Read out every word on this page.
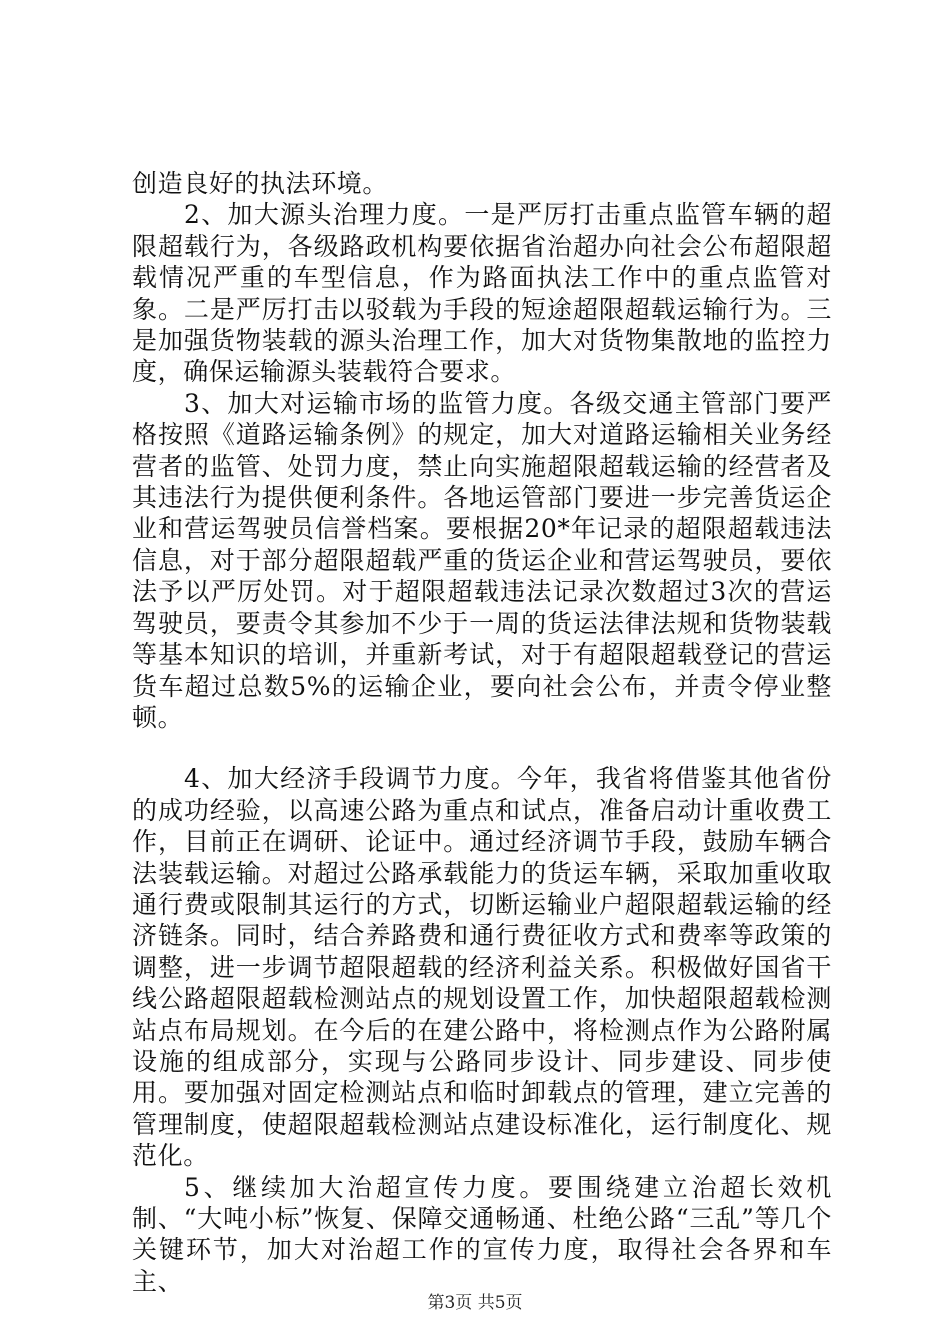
创造良好的执法环境。

2、加大源头治理力度。一是严厉打击重点监管车辆的超限超载行为，各级路政机构要依据省治超办向社会公布超限超载情况严重的车型信息，作为路面执法工作中的重点监管对象。二是严厉打击以驳载为手段的短途超限超载运输行为。三是加强货物装载的源头治理工作，加大对货物集散地的监控力度，确保运输源头装载符合要求。

3、加大对运输市场的监管力度。各级交通主管部门要严格按照《道路运输条例》的规定，加大对道路运输相关业务经营者的监管、处罚力度，禁止向实施超限超载运输的经营者及其违法行为提供便利条件。各地运管部门要进一步完善货运企业和营运驾驶员信誉档案。要根据20*年记录的超限超载违法信息，对于部分超限超载严重的货运企业和营运驾驶员，要依法予以严厉处罚。对于超限超载违法记录次数超过3次的营运驾驶员，要责令其参加不少于一周的货运法律法规和货物装载等基本知识的培训，并重新考试，对于有超限超载登记的营运货车超过总数5%的运输企业，要向社会公布，并责令停业整顿。

4、加大经济手段调节力度。今年，我省将借鉴其他省份的成功经验，以高速公路为重点和试点，准备启动计重收费工作，目前正在调研、论证中。通过经济调节手段，鼓励车辆合法装载运输。对超过公路承载能力的货运车辆，采取加重收取通行费或限制其运行的方式，切断运输业户超限超载运输的经济链条。同时，结合养路费和通行费征收方式和费率等政策的调整，进一步调节超限超载的经济利益关系。积极做好国省干线公路超限超载检测站点的规划设置工作，加快超限超载检测站点布局规划。在今后的在建公路中，将检测点作为公路附属设施的组成部分，实现与公路同步设计、同步建设、同步使用。要加强对固定检测站点和临时卸载点的管理，建立完善的管理制度，使超限超载检测站点建设标准化，运行制度化、规范化。

5、继续加大治超宣传力度。要围绕建立治超长效机制、“大吨小标”恢复、保障交通畅通、杜绝公路“三乱”等几个关键环节，加大对治超工作的宣传力度，取得社会各界和车主、

第3页 共5页
